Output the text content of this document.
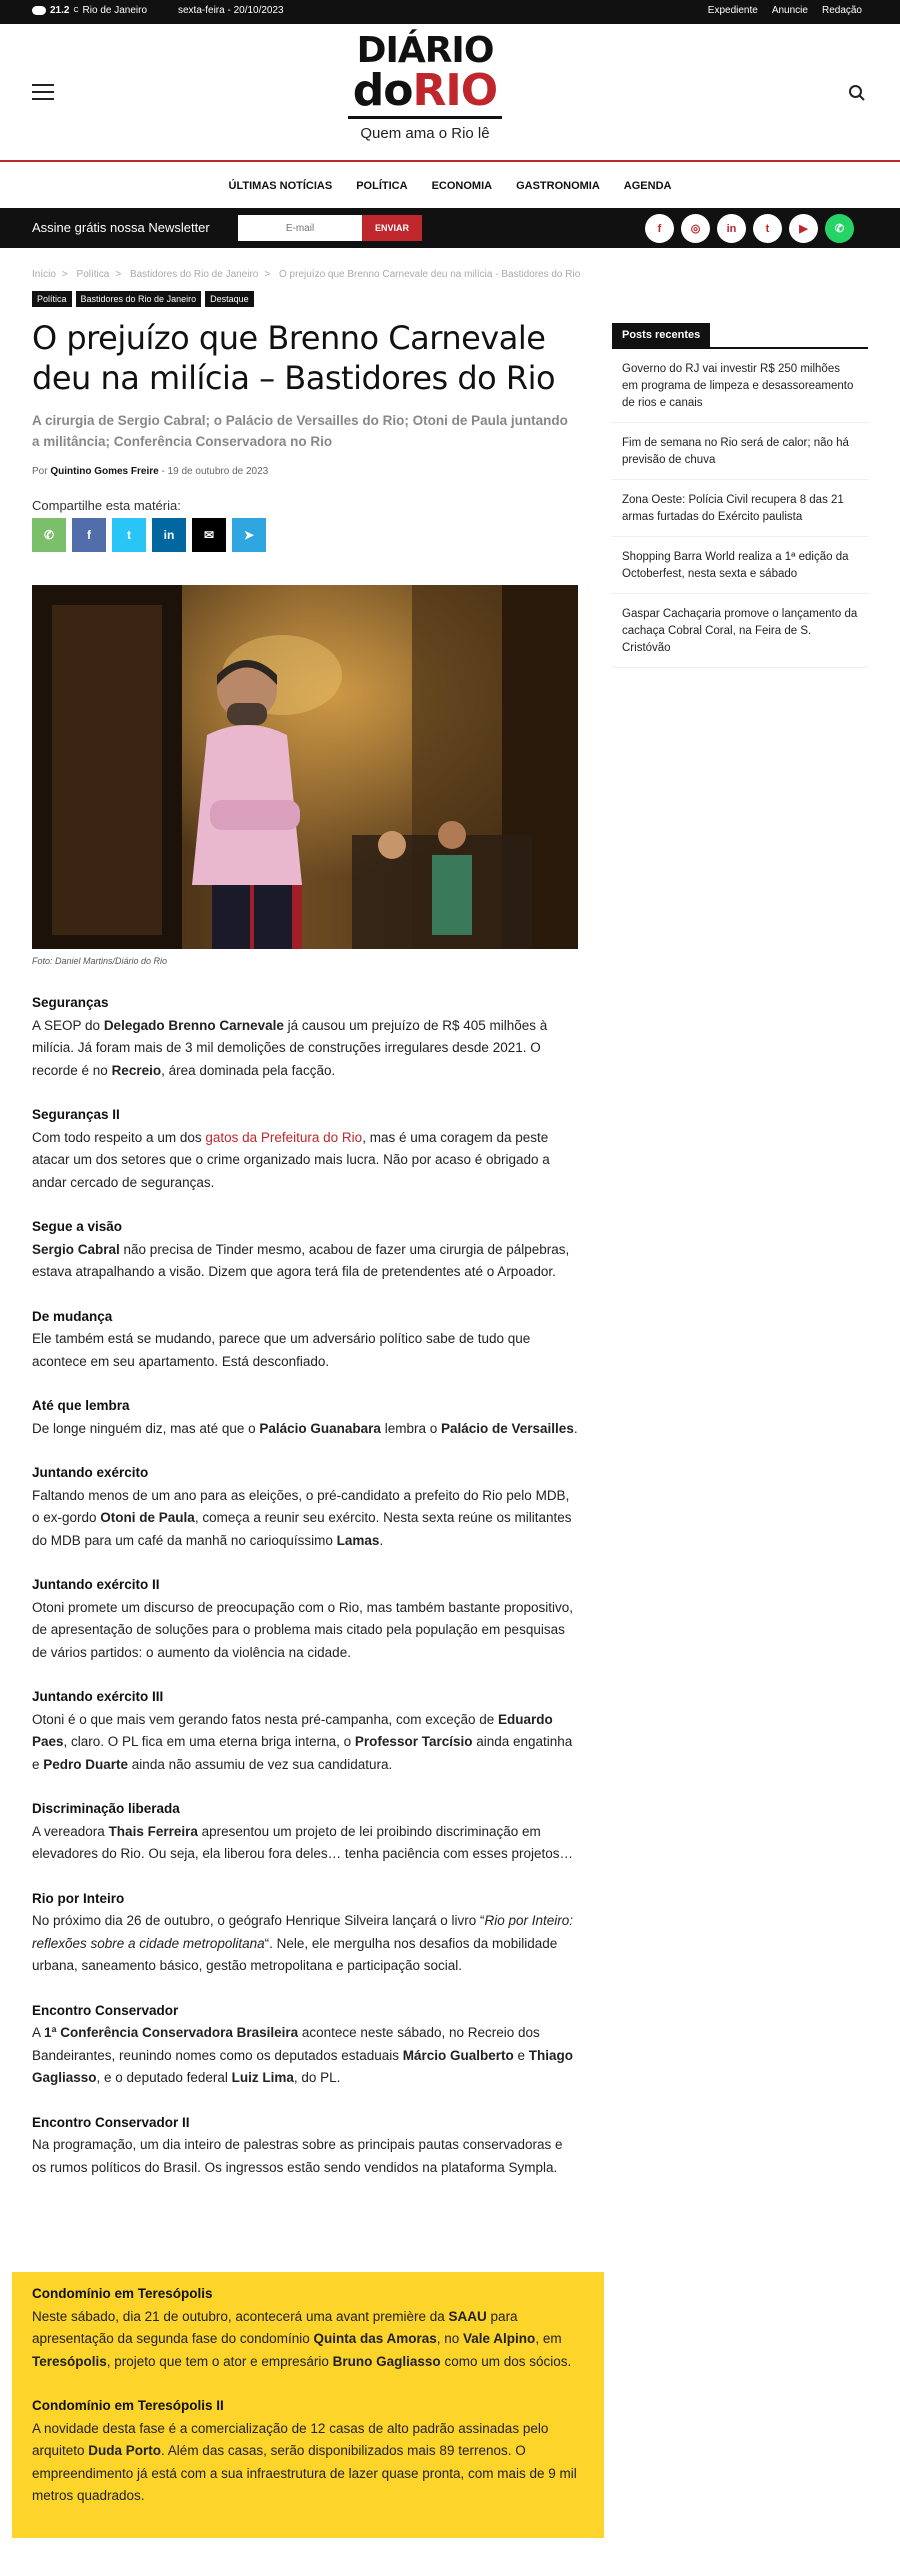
21.2 C Rio de Janeiro	sexta-feira - 20/10/2023	Expediente Anuncie Redação
DIÁRIO
doRIO
Quem ama o Rio lê
ÚLTIMAS NOTÍCIAS	POLÍTICA	ECONOMIA	GASTRONOMIA	AGENDA
Assine grátis nossa Newsletter
E-mail	ENVIAR	f	◎	in	t	▶	✆
Início > Política > Bastidores do Rio de Janeiro > O prejuízo que Brenno Carnevale deu na milícia - Bastidores do Rio
Política	Bastidores do Rio de Janeiro	Destaque
O prejuízo que Brenno Carnevale deu na milícia – Bastidores do Rio
A cirurgia de Sergio Cabral; o Palácio de Versailles do Rio; Otoni de Paula juntando a militância; Conferência Conservadora no Rio
Por Quintino Gomes Freire - 19 de outubro de 2023
Compartilhe esta matéria:
✆	f	t	in	✉	➤
Foto: Daniel Martins/Diário do Rio
Seguranças

A SEOP do Delegado Brenno Carnevale já causou um prejuízo de R$ 405 milhões à milícia. Já foram mais de 3 mil demolições de construções irregulares desde 2021. O recorde é no Recreio, área dominada pela facção.

Seguranças II

Com todo respeito a um dos gatos da Prefeitura do Rio, mas é uma coragem da peste atacar um dos setores que o crime organizado mais lucra. Não por acaso é obrigado a andar cercado de seguranças.

Segue a visão

Sergio Cabral não precisa de Tinder mesmo, acabou de fazer uma cirurgia de pálpebras, estava atrapalhando a visão. Dizem que agora terá fila de pretendentes até o Arpoador.

De mudança

Ele também está se mudando, parece que um adversário político sabe de tudo que acontece em seu apartamento. Está desconfiado.

Até que lembra

De longe ninguém diz, mas até que o Palácio Guanabara lembra o Palácio de Versailles.

Juntando exército

Faltando menos de um ano para as eleições, o pré-candidato a prefeito do Rio pelo MDB, o ex-gordo Otoni de Paula, começa a reunir seu exército. Nesta sexta reúne os militantes do MDB para um café da manhã no carioquíssimo Lamas.

Juntando exército II

Otoni promete um discurso de preocupação com o Rio, mas também bastante propositivo, de apresentação de soluções para o problema mais citado pela população em pesquisas de vários partidos: o aumento da violência na cidade.

Juntando exército III

Otoni é o que mais vem gerando fatos nesta pré-campanha, com exceção de Eduardo Paes, claro. O PL fica em uma eterna briga interna, o Professor Tarcísio ainda engatinha e Pedro Duarte ainda não assumiu de vez sua candidatura.

Discriminação liberada

A vereadora Thais Ferreira apresentou um projeto de lei proibindo discriminação em elevadores do Rio. Ou seja, ela liberou fora deles… tenha paciência com esses projetos…

Rio por Inteiro

No próximo dia 26 de outubro, o geógrafo Henrique Silveira lançará o livro “Rio por Inteiro: reflexões sobre a cidade metropolitana“. Nele, ele mergulha nos desafios da mobilidade urbana, saneamento básico, gestão metropolitana e participação social.

Encontro Conservador

A 1ª Conferência Conservadora Brasileira acontece neste sábado, no Recreio dos Bandeirantes, reunindo nomes como os deputados estaduais Márcio Gualberto e Thiago Gagliasso, e o deputado federal Luiz Lima, do PL.

Encontro Conservador II

Na programação, um dia inteiro de palestras sobre as principais pautas conservadoras e os rumos políticos do Brasil. Os ingressos estão sendo vendidos na plataforma Sympla.

Condomínio em Teresópolis

Neste sábado, dia 21 de outubro, acontecerá uma avant première da SAAU para apresentação da segunda fase do condomínio Quinta das Amoras, no Vale Alpino, em Teresópolis, projeto que tem o ator e empresário Bruno Gagliasso como um dos sócios.

Condomínio em Teresópolis II

A novidade desta fase é a comercialização de 12 casas de alto padrão assinadas pelo arquiteto Duda Porto. Além das casas, serão disponibilizados mais 89 terrenos. O empreendimento já está com a sua infraestrutura de lazer quase pronta, com mais de 9 mil metros quadrados.

Posts recentes
Governo do RJ vai investir R$ 250 milhões em programa de limpeza e desassoreamento de rios e canais
Fim de semana no Rio será de calor; não há previsão de chuva
Zona Oeste: Polícia Civil recupera 8 das 21 armas furtadas do Exército paulista
Shopping Barra World realiza a 1ª edição da Octoberfest, nesta sexta e sábado
Gaspar Cachaçaria promove o lançamento da cachaça Cobral Coral, na Feira de S. Cristóvão
